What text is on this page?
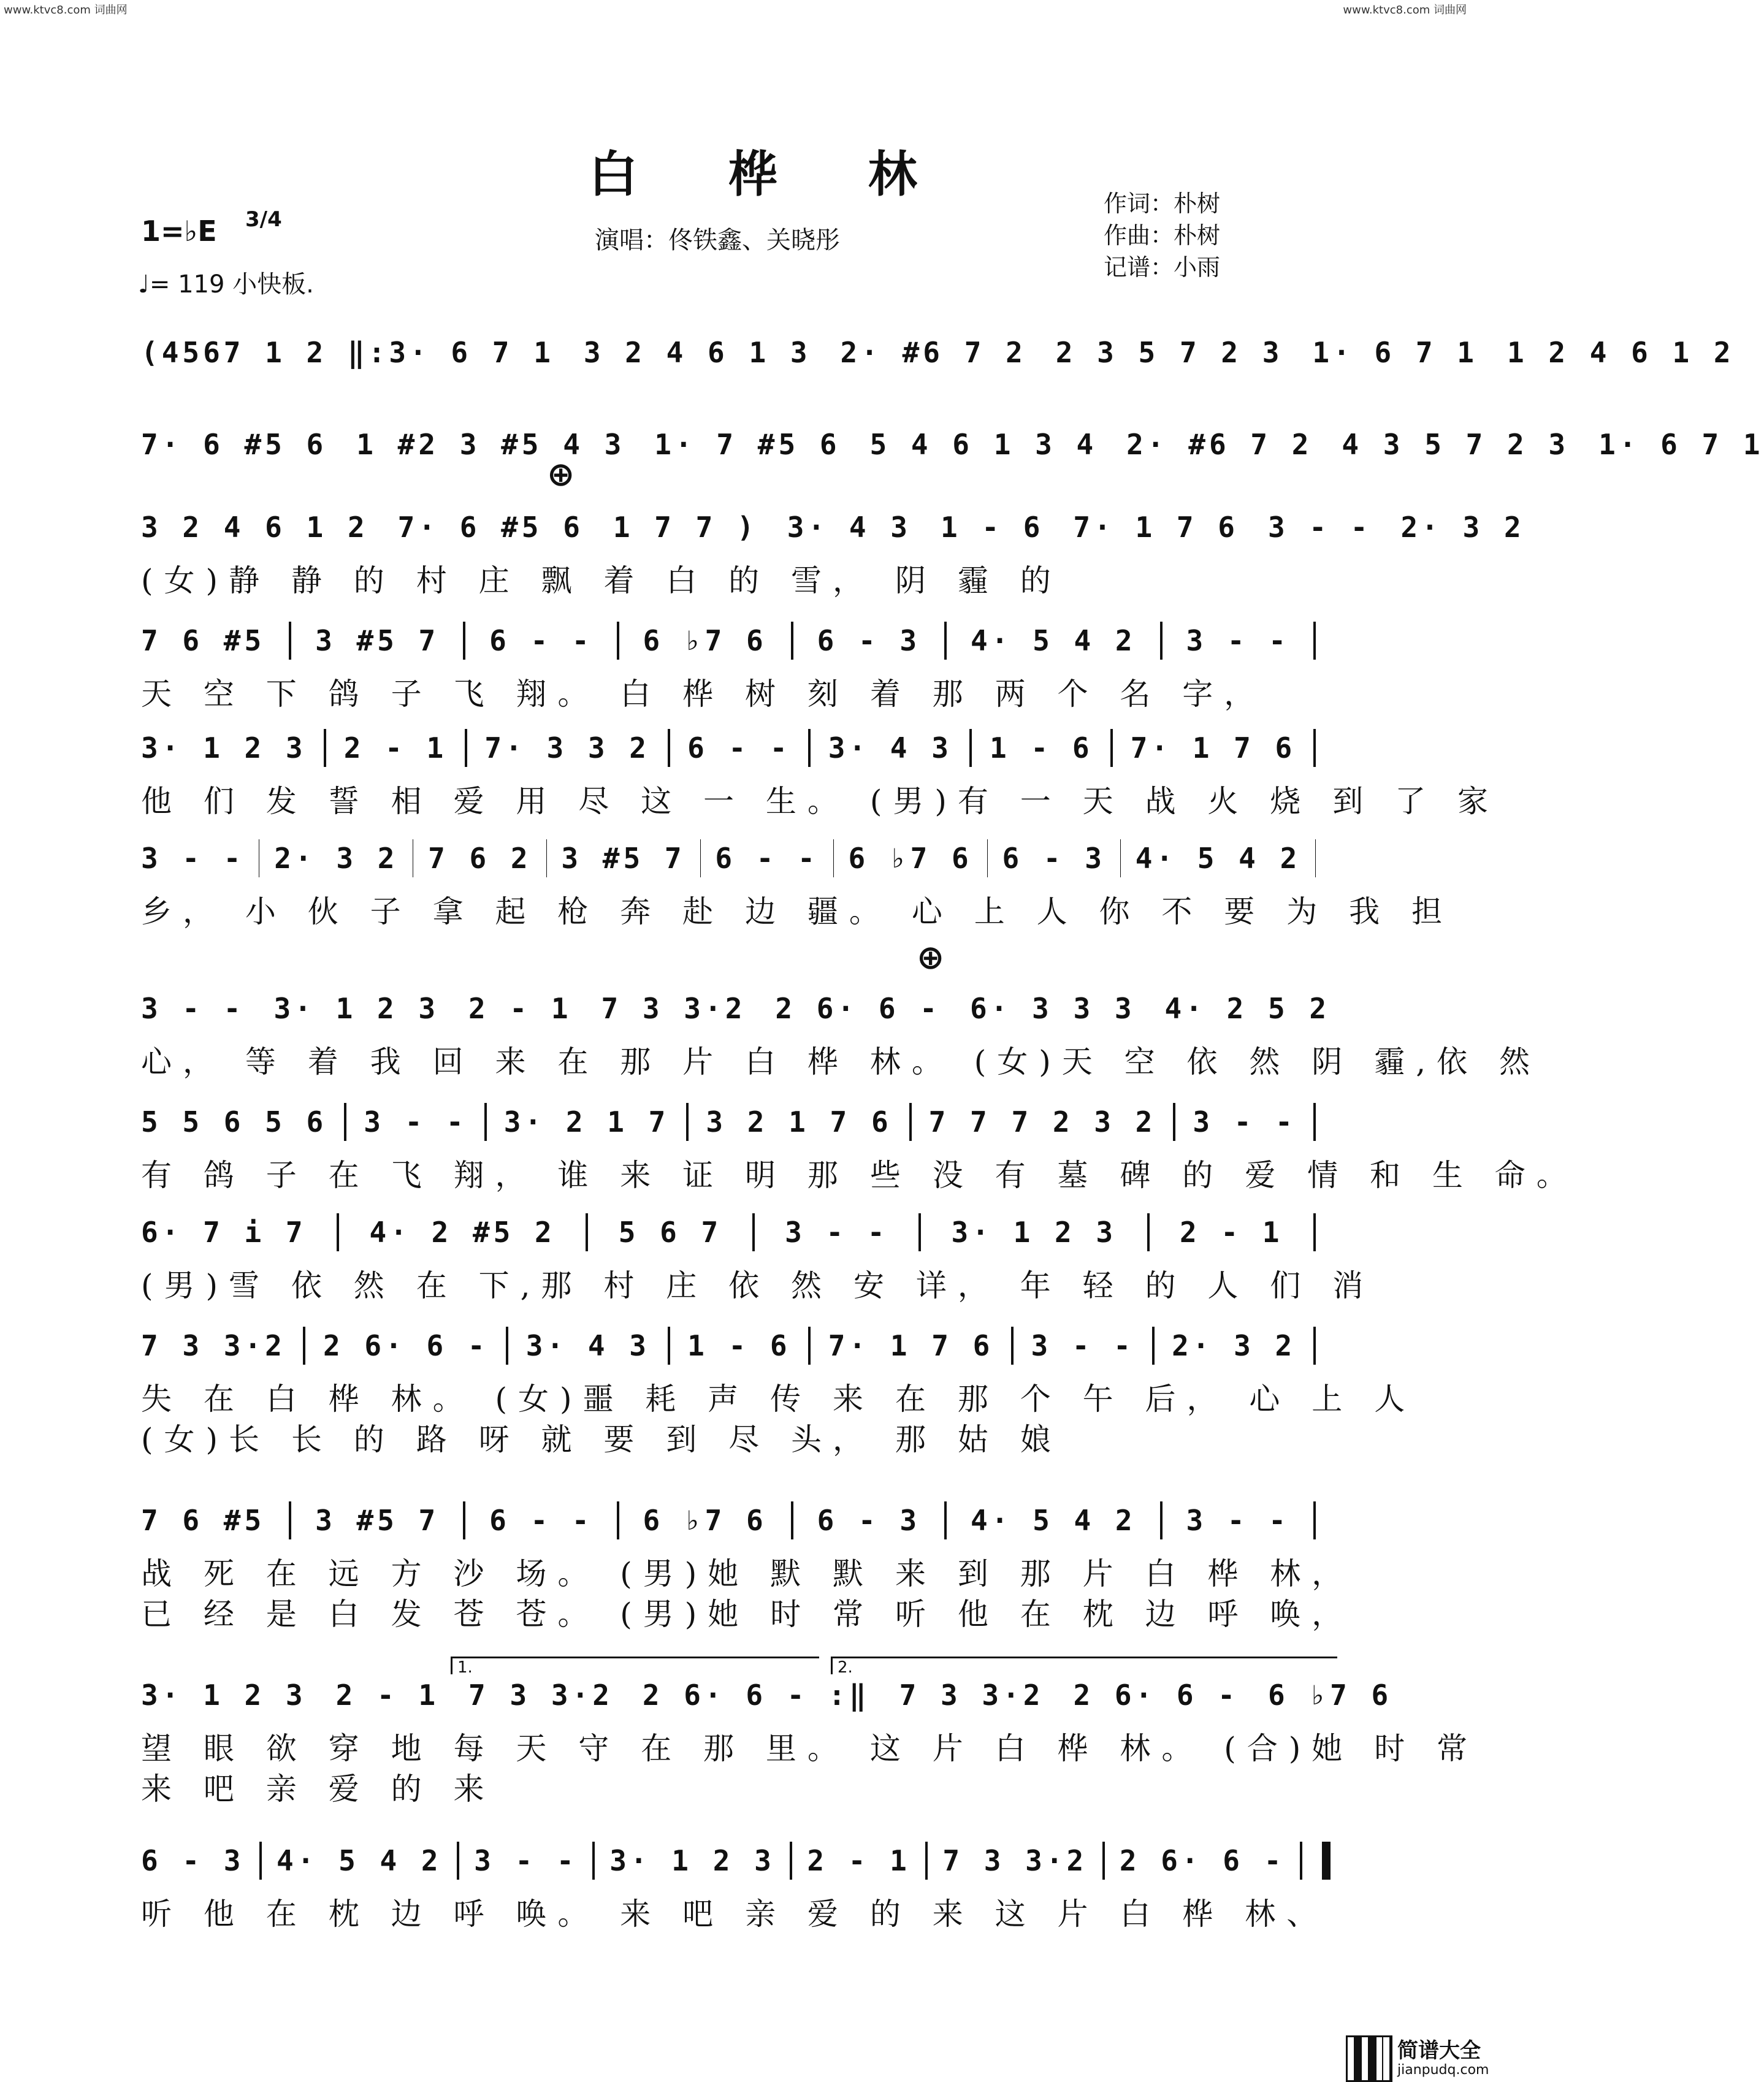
www.ktvc8.com 词曲网	www.ktvc8.com 词曲网
白 桦 林
1=♭E 3/4
♩= 119 小快板.
演唱：佟铁鑫、关晓彤
作词：朴树
作曲：朴树
记谱：小雨
⊕
⊕
(4567 1 2 ‖:3· 6 7 1 3 2 4 6 1 3 2· #6 7 2 2 3 5 7 2 3 1· 6 7 1 1 2 4 6 1 2
7· 6 #5 6 1 #2 3 #5 4 3 1· 7 #5 6 5 4 6 1 3 4 2· #6 7 2 4 3 5 7 2 3 1· 6 7 1
3 2 4 6 1 2 7· 6 #5 6 1 7 7 ) 3· 4 3 1 - 6 7· 1 7 6 3 - - 2· 3 2
(女)静 静 的 村 庄 飘 着 白 的 雪， 阴 霾 的
7 6 #5 3 #5 7 6 - - 6 ♭7 6 6 - 3 4· 5 4 2 3 - -
天 空 下 鸽 子 飞 翔。 白 桦 树 刻 着 那 两 个 名 字，
3· 1 2 3 2 - 1 7· 3 3 2 6 - - 3· 4 3 1 - 6 7· 1 7 6
他 们 发 誓 相 爱 用 尽 这 一 生。 (男)有 一 天 战 火 烧 到 了 家
3 - - 2· 3 2 7 6 2 3 #5 7 6 - - 6 ♭7 6 6 - 3 4· 5 4 2
乡， 小 伙 子 拿 起 枪 奔 赴 边 疆。 心 上 人 你 不 要 为 我 担
3 - - 3· 1 2 3 2 - 1 7 3 3·2 2 6· 6 - 6· 3 3 3 4· 2 5 2
心， 等 着 我 回 来 在 那 片 白 桦 林。 (女)天 空 依 然 阴 霾,依 然
5 5 6 5 6 3 - - 3· 2 1 7 3 2 1 7 6 7 7 7 2 3 2 3 - -
有 鸽 子 在 飞 翔， 谁 来 证 明 那 些 没 有 墓 碑 的 爱 情 和 生 命。
6· 7 i 7 4· 2 #5 2 5 6 7 3 - - 3· 1 2 3 2 - 1
(男)雪 依 然 在 下,那 村 庄 依 然 安 详， 年 轻 的 人 们 消
7 3 3·2 2 6· 6 - 3· 4 3 1 - 6 7· 1 7 6 3 - - 2· 3 2
失 在 白 桦 林。 (女)噩 耗 声 传 来 在 那 个 午 后， 心 上 人
(女)长 长 的 路 呀 就 要 到 尽 头， 那 姑 娘
7 6 #5 3 #5 7 6 - - 6 ♭7 6 6 - 3 4· 5 4 2 3 - -
战 死 在 远 方 沙 场。 (男)她 默 默 来 到 那 片 白 桦 林，
已 经 是 白 发 苍 苍。 (男)她 时 常 听 他 在 枕 边 呼 唤，
3· 1 2 3 2 - 1 7 3 3·2 2 6· 6 - :‖ 7 3 3·2 2 6· 6 - 6 ♭7 6
1.	2.
望 眼 欲 穿 地 每 天 守 在 那 里。 这 片 白 桦 林。 (合)她 时 常
来 吧 亲 爱 的 来
6 - 3 4· 5 4 2 3 - - 3· 1 2 3 2 - 1 7 3 3·2 2 6· 6 -
听 他 在 枕 边 呼 唤。 来 吧 亲 爱 的 来 这 片 白 桦 林、
简谱大全
jianpudq.com
